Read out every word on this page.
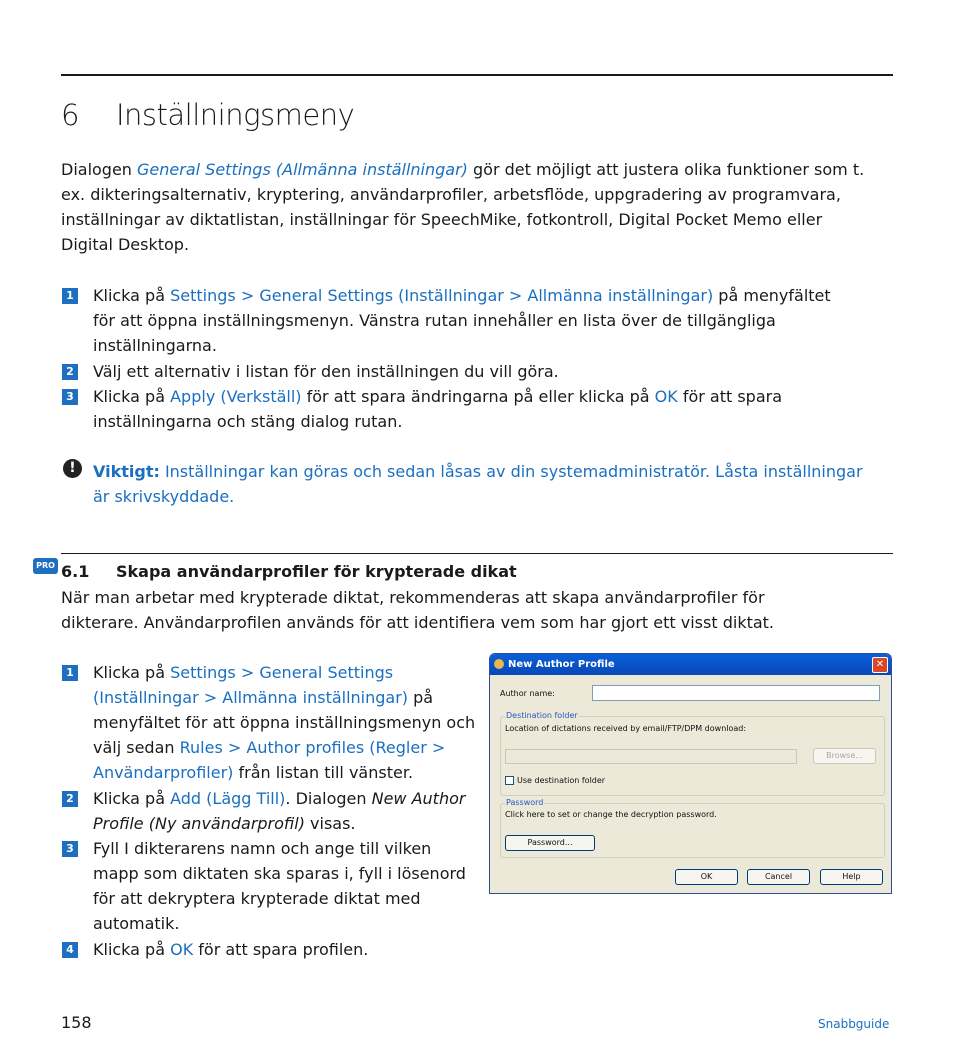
6 Inställningsmeny
Dialogen General Settings (Allmänna inställningar) gör det möjligt att justera olika funktioner som t.
ex. dikteringsalternativ, kryptering, användarprofiler, arbetsflöde, uppgradering av programvara,
inställningar av diktatlistan, inställningar för SpeechMike, fotkontroll, Digital Pocket Memo eller
Digital Desktop.
1 Klicka på Settings > General Settings (Inställningar > Allmänna inställningar) på menyfältet
för att öppna inställningsmenyn. Vänstra rutan innehåller en lista över de tillgängliga
inställningarna.
2 Välj ett alternativ i listan för den inställningen du vill göra.
3 Klicka på Apply (Verkställ) för att spara ändringarna på eller klicka på OK för att spara
inställningarna och stäng dialog rutan.
!	Viktigt: Inställningar kan göras och sedan låsas av din systemadministratör. Låsta inställningar
är skrivskyddade.
PRO 6.1 Skapa användarprofiler för krypterade dikat
När man arbetar med krypterade diktat, rekommenderas att skapa användarprofiler för
dikterare. Användarprofilen används för att identifiera vem som har gjort ett visst diktat.
1 Klicka på Settings > General Settings
(Inställningar > Allmänna inställningar) på
menyfältet för att öppna inställningsmenyn och
välj sedan Rules > Author profiles (Regler >
Användarprofiler) från listan till vänster.
2 Klicka på Add (Lägg Till). Dialogen New Author
Profile (Ny användarprofil) visas.
3 Fyll I dikterarens namn och ange till vilken
mapp som diktaten ska sparas i, fyll i lösenord
för att dekryptera krypterade diktat med
automatik.
4 Klicka på OK för att spara profilen.
New Author Profile	✕
Author name:
Destination folder
Location of dictations received by email/FTP/DPM download:
Browse...
Use destination folder
Password
Click here to set or change the decryption password.
Password...
OK	Cancel	Help
158	Snabbguide
